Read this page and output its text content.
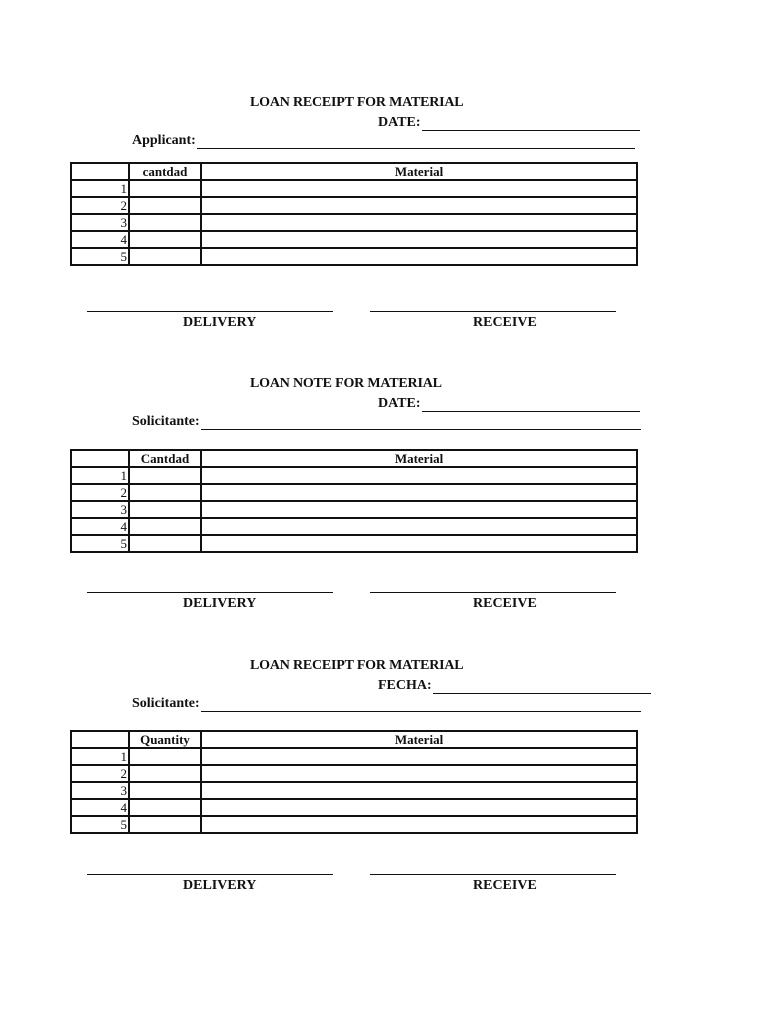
LOAN RECEIPT FOR MATERIAL
DATE:
Applicant:
	cantdad	Material
1		
2		
3		
4		
5		
DELIVERY	RECEIVE
LOAN NOTE FOR MATERIAL
DATE:
Solicitante:
	Cantdad	Material
1		
2		
3		
4		
5		
DELIVERY	RECEIVE
LOAN RECEIPT FOR MATERIAL
FECHA:
Solicitante:
	Quantity	Material
1		
2		
3		
4		
5		
DELIVERY	RECEIVE
